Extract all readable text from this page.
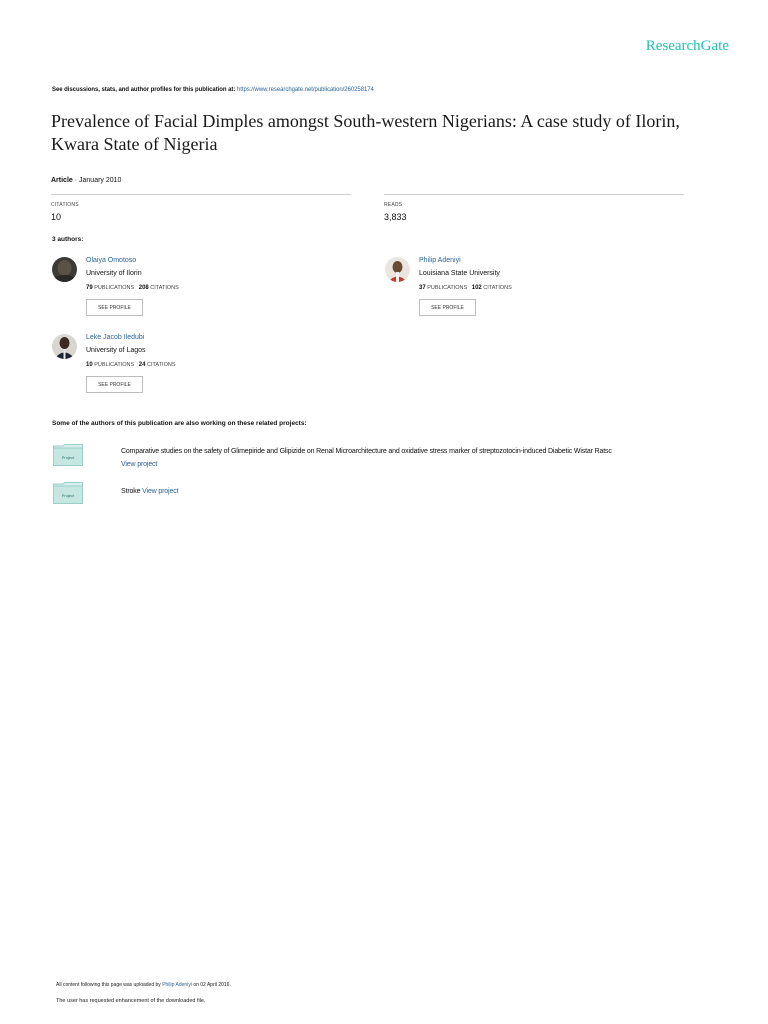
ResearchGate
See discussions, stats, and author profiles for this publication at: https://www.researchgate.net/publication/260258174
Prevalence of Facial Dimples amongst South-western Nigerians: A case study of Ilorin, Kwara State of Nigeria
Article · January 2010
CITATIONS
10
READS
3,833
3 authors:
Olaiya Omotoso
University of Ilorin
79 PUBLICATIONS 208 CITATIONS
SEE PROFILE
Philip Adeniyi
Louisiana State University
37 PUBLICATIONS 102 CITATIONS
SEE PROFILE
Leke Jacob Iledubi
University of Lagos
10 PUBLICATIONS 24 CITATIONS
SEE PROFILE
Some of the authors of this publication are also working on these related projects:
Project
Comparative studies on the safety of Glimepiride and Glipizide on Renal Microarchitecture and oxidative stress marker of streptozotocin-induced Diabetic Wistar Ratsc
View project
Project
Stroke View project
All content following this page was uploaded by Philip Adeniyi on 02 April 2016.
The user has requested enhancement of the downloaded file.
